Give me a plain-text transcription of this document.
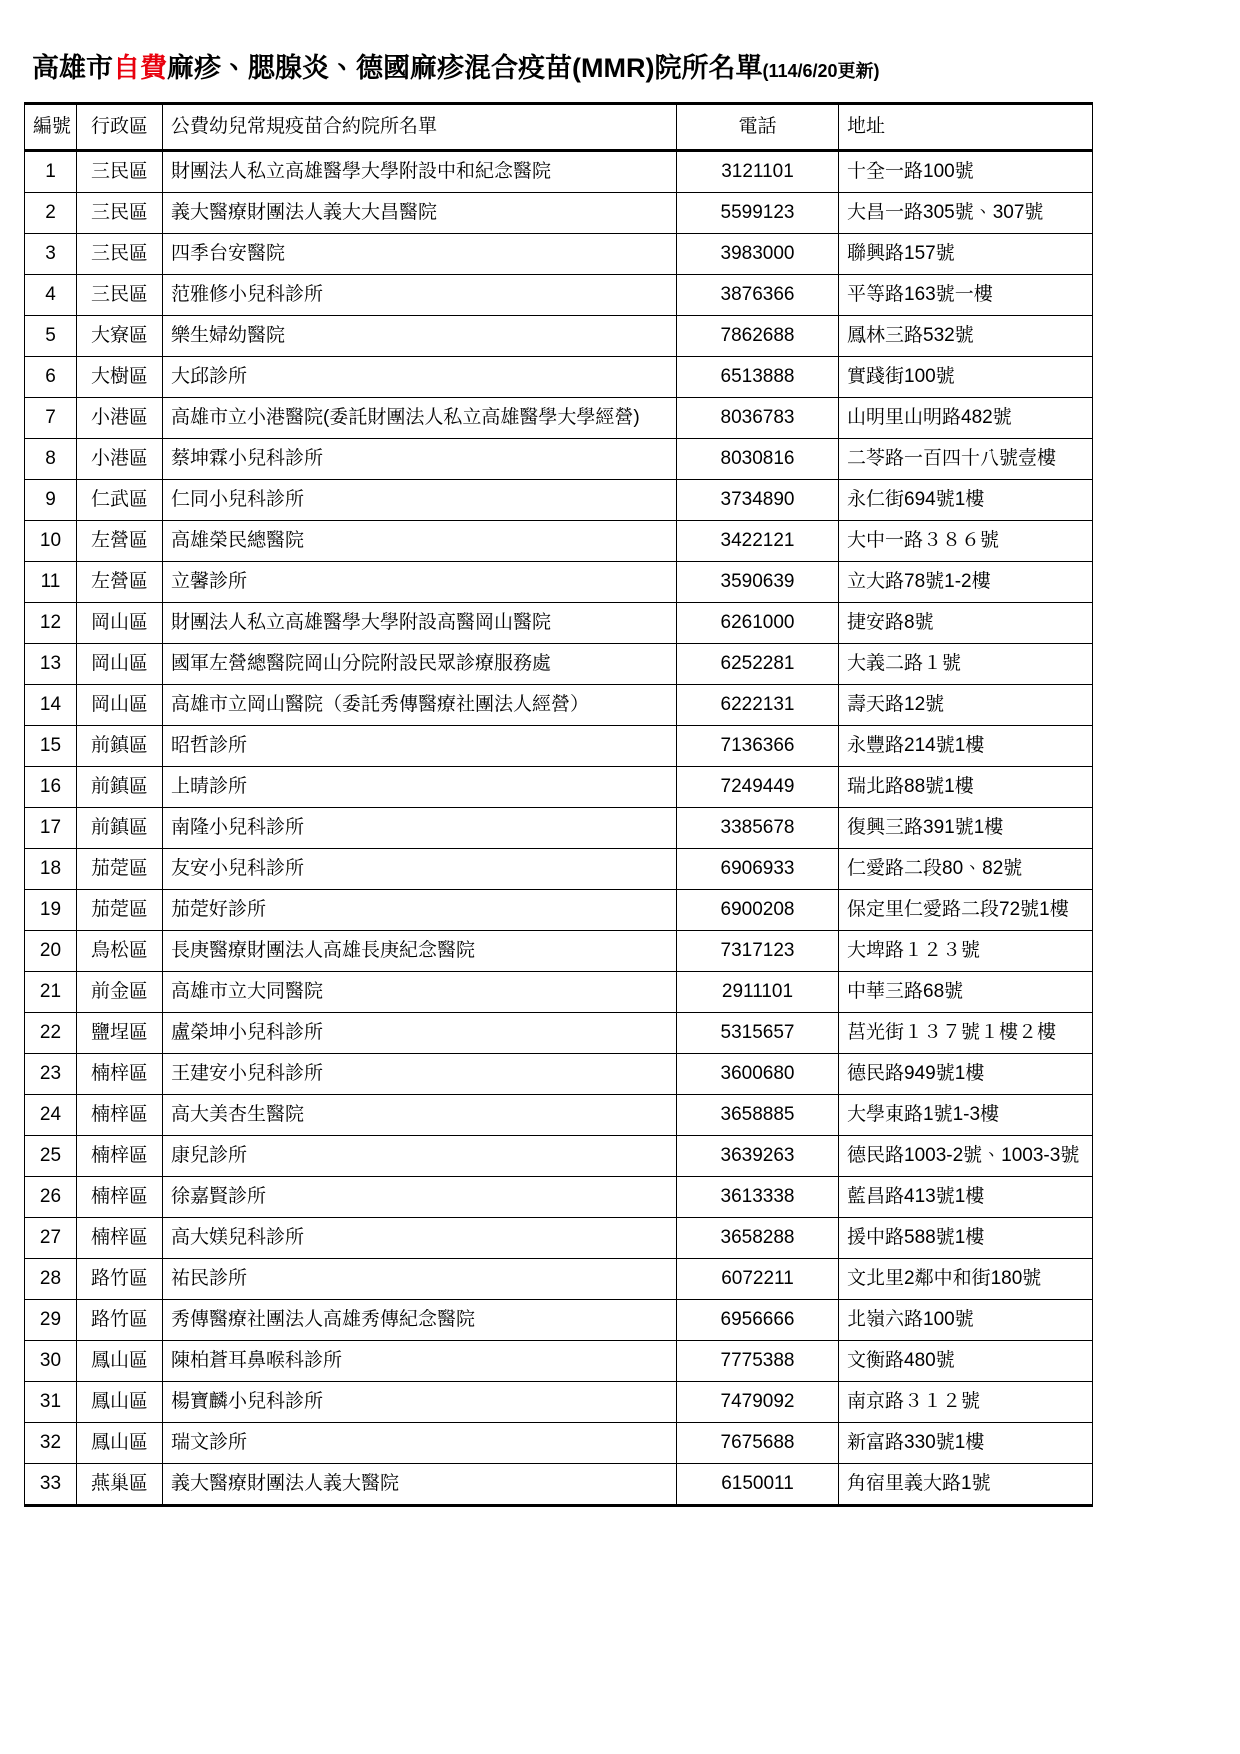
高雄市自費麻疹、腮腺炎、德國麻疹混合疫苗(MMR)院所名單(114/6/20更新)
編號	行政區	公費幼兒常規疫苗合約院所名單	電話	地址
1	三民區	財團法人私立高雄醫學大學附設中和紀念醫院	3121101	十全一路100號
2	三民區	義大醫療財團法人義大大昌醫院	5599123	大昌一路305號、307號
3	三民區	四季台安醫院	3983000	聯興路157號
4	三民區	范雅修小兒科診所	3876366	平等路163號一樓
5	大寮區	樂生婦幼醫院	7862688	鳳林三路532號
6	大樹區	大邱診所	6513888	實踐街100號
7	小港區	高雄市立小港醫院(委託財團法人私立高雄醫學大學經營)	8036783	山明里山明路482號
8	小港區	蔡坤霖小兒科診所	8030816	二苓路一百四十八號壹樓
9	仁武區	仁同小兒科診所	3734890	永仁街694號1樓
10	左營區	高雄榮民總醫院	3422121	大中一路３８６號
11	左營區	立馨診所	3590639	立大路78號1-2樓
12	岡山區	財團法人私立高雄醫學大學附設高醫岡山醫院	6261000	捷安路8號
13	岡山區	國軍左營總醫院岡山分院附設民眾診療服務處	6252281	大義二路１號
14	岡山區	高雄市立岡山醫院（委託秀傳醫療社團法人經營）	6222131	壽天路12號
15	前鎮區	昭哲診所	7136366	永豐路214號1樓
16	前鎮區	上晴診所	7249449	瑞北路88號1樓
17	前鎮區	南隆小兒科診所	3385678	復興三路391號1樓
18	茄萣區	友安小兒科診所	6906933	仁愛路二段80、82號
19	茄萣區	茄萣好診所	6900208	保定里仁愛路二段72號1樓
20	鳥松區	長庚醫療財團法人高雄長庚紀念醫院	7317123	大埤路１２３號
21	前金區	高雄市立大同醫院	2911101	中華三路68號
22	鹽埕區	盧榮坤小兒科診所	5315657	莒光街１３７號１樓２樓
23	楠梓區	王建安小兒科診所	3600680	德民路949號1樓
24	楠梓區	高大美杏生醫院	3658885	大學東路1號1-3樓
25	楠梓區	康兒診所	3639263	德民路1003-2號、1003-3號
26	楠梓區	徐嘉賢診所	3613338	藍昌路413號1樓
27	楠梓區	高大媄兒科診所	3658288	援中路588號1樓
28	路竹區	祐民診所	6072211	文北里2鄰中和街180號
29	路竹區	秀傳醫療社團法人高雄秀傳紀念醫院	6956666	北嶺六路100號
30	鳳山區	陳柏蒼耳鼻喉科診所	7775388	文衡路480號
31	鳳山區	楊寶麟小兒科診所	7479092	南京路３１２號
32	鳳山區	瑞文診所	7675688	新富路330號1樓
33	燕巢區	義大醫療財團法人義大醫院	6150011	角宿里義大路1號
